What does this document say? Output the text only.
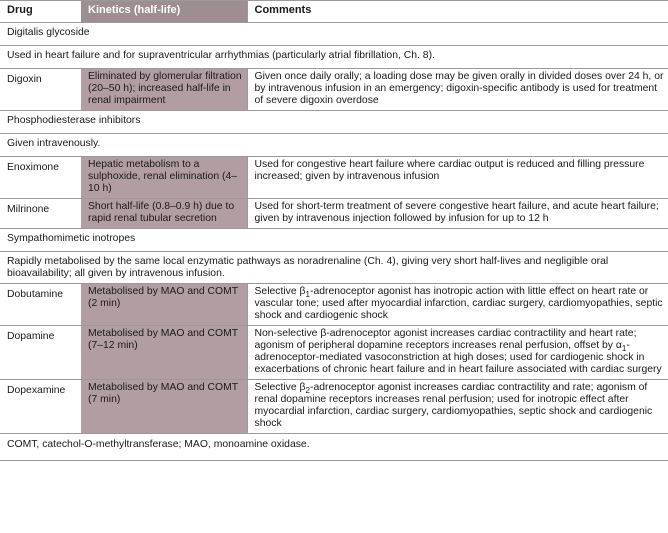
Drug	Kinetics (half-life)	Comments
Digitalis glycoside		
Used in heart failure and for supraventricular arrhythmias (particularly atrial fibrillation, Ch. 8).		
Digoxin	Eliminated by glomerular filtration (20–50 h); increased half-life in renal impairment	Given once daily orally; a loading dose may be given orally in divided doses over 24 h, or by intravenous infusion in an emergency; digoxin-specific antibody is used for treatment of severe digoxin overdose
Phosphodiesterase inhibitors		
Given intravenously.		
Enoximone	Hepatic metabolism to a sulphoxide, renal elimination (4–10 h)	Used for congestive heart failure where cardiac output is reduced and filling pressure increased; given by intravenous infusion
Milrinone	Short half-life (0.8–0.9 h) due to rapid renal tubular secretion	Used for short-term treatment of severe congestive heart failure, and acute heart failure; given by intravenous injection followed by infusion for up to 12 h
Sympathomimetic inotropes		
Rapidly metabolised by the same local enzymatic pathways as noradrenaline (Ch. 4), giving very short half-lives and negligible oral bioavailability; all given by intravenous infusion.		
Dobutamine	Metabolised by MAO and COMT (2 min)	Selective $\beta_1$-adrenoceptor agonist has inotropic action with little effect on heart rate or vascular tone; used after myocardial infarction, cardiac surgery, cardiomyopathies, septic shock and cardiogenic shock
Dopamine	Metabolised by MAO and COMT (7–12 min)	Non-selective β-adrenoceptor agonist increases cardiac contractility and heart rate; agonism of peripheral dopamine receptors increases renal perfusion, offset by $\alpha_1-adrenoceptor$-mediated vasoconstriction at high doses; used for cardiogenic shock in exacerbations of chronic heart failure and in heart failure associated with cardiac surgery
Dopexamine	Metabolised by MAO and COMT (7 min)	Selective $\beta_2$-adrenoceptor agonist increases cardiac contractility and rate; agonism of renal dopamine receptors increases renal perfusion; used for inotropic effect after myocardial infarction, cardiac surgery, cardiomyopathies, septic shock and cardiogenic shock
COMT, catechol-O-methyltransferase; MAO, monoamine oxidase.		
